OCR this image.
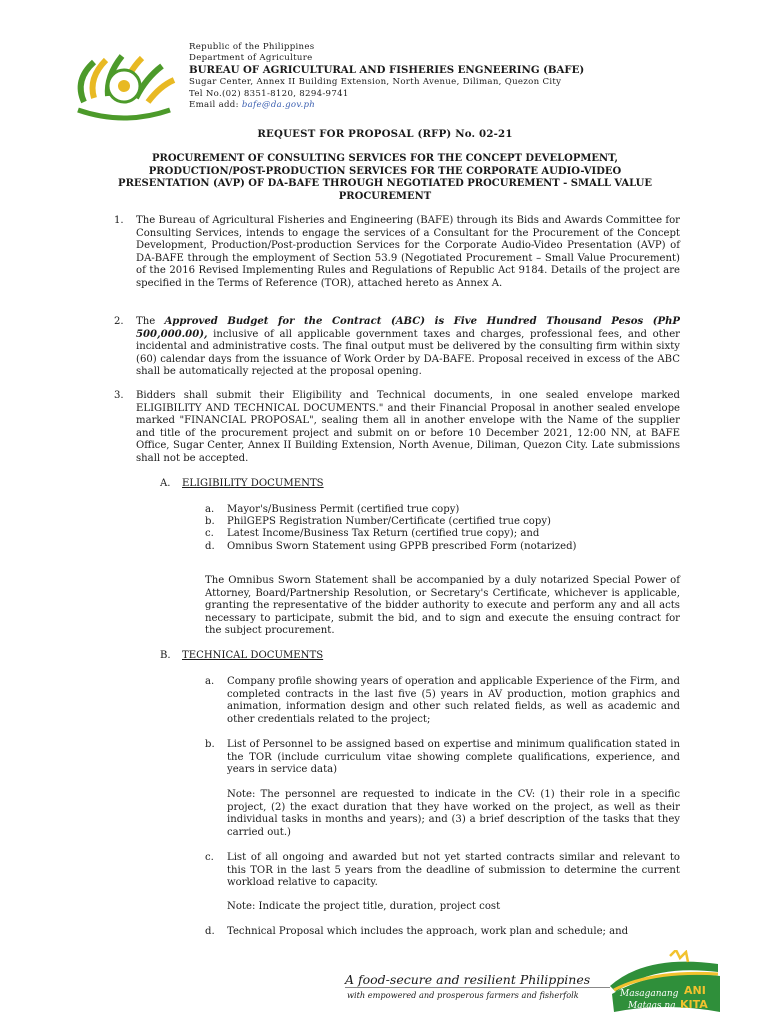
Republic of the Philippines
Department of Agriculture
BUREAU OF AGRICULTURAL AND FISHERIES ENGNEERING (BAFE)
Sugar Center, Annex II Building Extension, North Avenue, Diliman, Quezon City
Tel No.(02) 8351-8120, 8294-9741
Email add: bafe@da.gov.ph
REQUEST FOR PROPOSAL (RFP) No. 02-21
PROCUREMENT OF CONSULTING SERVICES FOR THE CONCEPT DEVELOPMENT,
PRODUCTION/POST-PRODUCTION SERVICES FOR THE CORPORATE AUDIO-VIDEO
PRESENTATION (AVP) OF DA-BAFE THROUGH NEGOTIATED PROCUREMENT - SMALL VALUE
PROCUREMENT
1. The Bureau of Agricultural Fisheries and Engineering (BAFE) through its Bids and Awards Committee for Consulting Services, intends to engage the services of a Consultant for the Procurement of the Concept Development, Production/Post-production Services for the Corporate Audio-Video Presentation (AVP) of DA-BAFE through the employment of Section 53.9 (Negotiated Procurement – Small Value Procurement) of the 2016 Revised Implementing Rules and Regulations of Republic Act 9184. Details of the project are specified in the Terms of Reference (TOR), attached hereto as Annex A.
2. The Approved Budget for the Contract (ABC) is Five Hundred Thousand Pesos (PhP 500,000.00), inclusive of all applicable government taxes and charges, professional fees, and other incidental and administrative costs. The final output must be delivered by the consulting firm within sixty (60) calendar days from the issuance of Work Order by DA-BAFE. Proposal received in excess of the ABC shall be automatically rejected at the proposal opening.
3. Bidders shall submit their Eligibility and Technical documents, in one sealed envelope marked ELIGIBILITY AND TECHNICAL DOCUMENTS." and their Financial Proposal in another sealed envelope marked "FINANCIAL PROPOSAL", sealing them all in another envelope with the Name of the supplier and title of the procurement project and submit on or before 10 December 2021, 12:00 NN, at BAFE Office, Sugar Center, Annex II Building Extension, North Avenue, Diliman, Quezon City. Late submissions shall not be accepted.
A. ELIGIBILITY DOCUMENTS
a. Mayor's/Business Permit (certified true copy)
b. PhilGEPS Registration Number/Certificate (certified true copy)
c. Latest Income/Business Tax Return (certified true copy); and
d. Omnibus Sworn Statement using GPPB prescribed Form (notarized)
The Omnibus Sworn Statement shall be accompanied by a duly notarized Special Power of Attorney, Board/Partnership Resolution, or Secretary's Certificate, whichever is applicable, granting the representative of the bidder authority to execute and perform any and all acts necessary to participate, submit the bid, and to sign and execute the ensuing contract for the subject procurement.
B. TECHNICAL DOCUMENTS
a. Company profile showing years of operation and applicable Experience of the Firm, and completed contracts in the last five (5) years in AV production, motion graphics and animation, information design and other such related fields, as well as academic and other credentials related to the project;
b. List of Personnel to be assigned based on expertise and minimum qualification stated in the TOR (include curriculum vitae showing complete qualifications, experience, and years in service data)
Note: The personnel are requested to indicate in the CV: (1) their role in a specific project, (2) the exact duration that they have worked on the project, as well as their individual tasks in months and years); and (3) a brief description of the tasks that they carried out.)
c. List of all ongoing and awarded but not yet started contracts similar and relevant to this TOR in the last 5 years from the deadline of submission to determine the current workload relative to capacity.
Note: Indicate the project title, duration, project cost
d. Technical Proposal which includes the approach, work plan and schedule; and
A food-secure and resilient Philippines
with empowered and prosperous farmers and fisherfolk	Masaganang ANI
Mataas na KITA
